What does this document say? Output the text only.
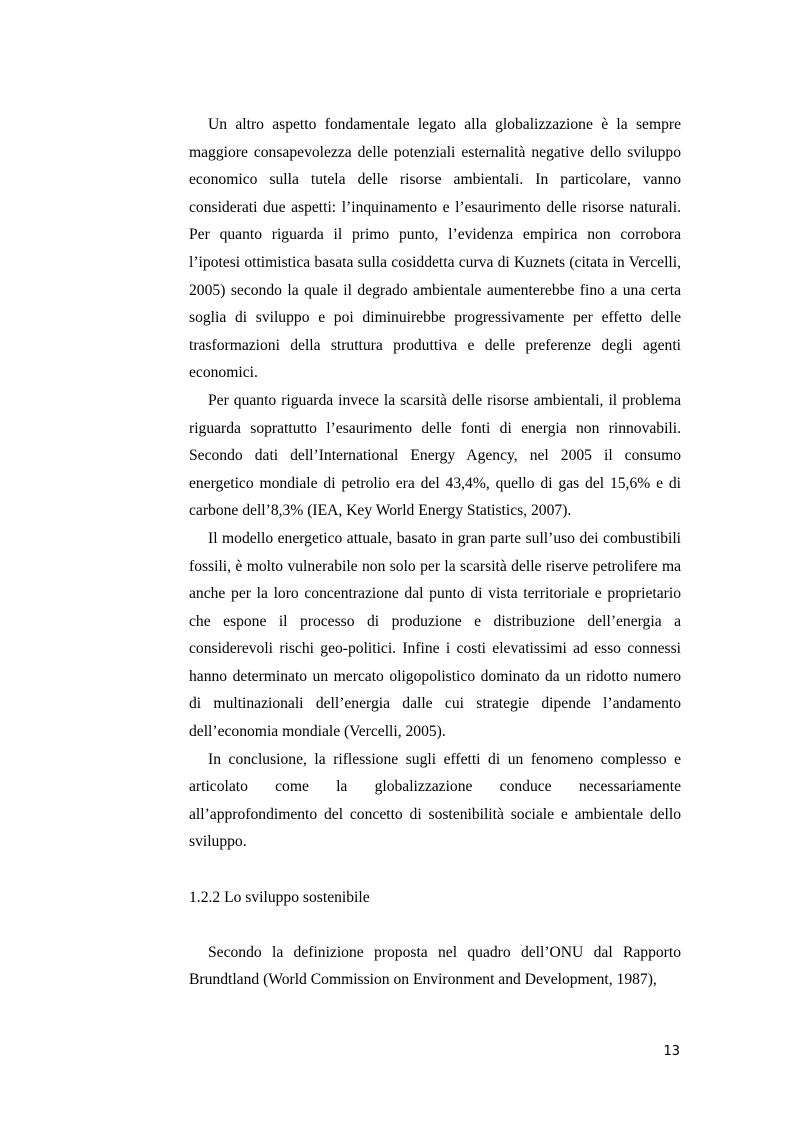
Un altro aspetto fondamentale legato alla globalizzazione è la sempre maggiore consapevolezza delle potenziali esternalità negative dello sviluppo economico sulla tutela delle risorse ambientali. In particolare, vanno considerati due aspetti: l’inquinamento e l’esaurimento delle risorse naturali. Per quanto riguarda il primo punto, l’evidenza empirica non corrobora l’ipotesi ottimistica basata sulla cosiddetta curva di Kuznets (citata in Vercelli, 2005) secondo la quale il degrado ambientale aumenterebbe fino a una certa soglia di sviluppo e poi diminuirebbe progressivamente per effetto delle trasformazioni della struttura produttiva e delle preferenze degli agenti economici.

Per quanto riguarda invece la scarsità delle risorse ambientali, il problema riguarda soprattutto l’esaurimento delle fonti di energia non rinnovabili. Secondo dati dell’International Energy Agency, nel 2005 il consumo energetico mondiale di petrolio era del 43,4%, quello di gas del 15,6% e di carbone dell’8,3% (IEA, Key World Energy Statistics, 2007).

Il modello energetico attuale, basato in gran parte sull’uso dei combustibili fossili, è molto vulnerabile non solo per la scarsità delle riserve petrolifere ma anche per la loro concentrazione dal punto di vista territoriale e proprietario che espone il processo di produzione e distribuzione dell’energia a considerevoli rischi geo-politici. Infine i costi elevatissimi ad esso connessi hanno determinato un mercato oligopolistico dominato da un ridotto numero di multinazionali dell’energia dalle cui strategie dipende l’andamento dell’economia mondiale (Vercelli, 2005).

In conclusione, la riflessione sugli effetti di un fenomeno complesso e articolato come la globalizzazione conduce necessariamente all’approfondimento del concetto di sostenibilità sociale e ambientale dello sviluppo.

1.2.2 Lo sviluppo sostenibile

Secondo la definizione proposta nel quadro dell’ONU dal Rapporto Brundtland (World Commission on Environment and Development, 1987),

13
